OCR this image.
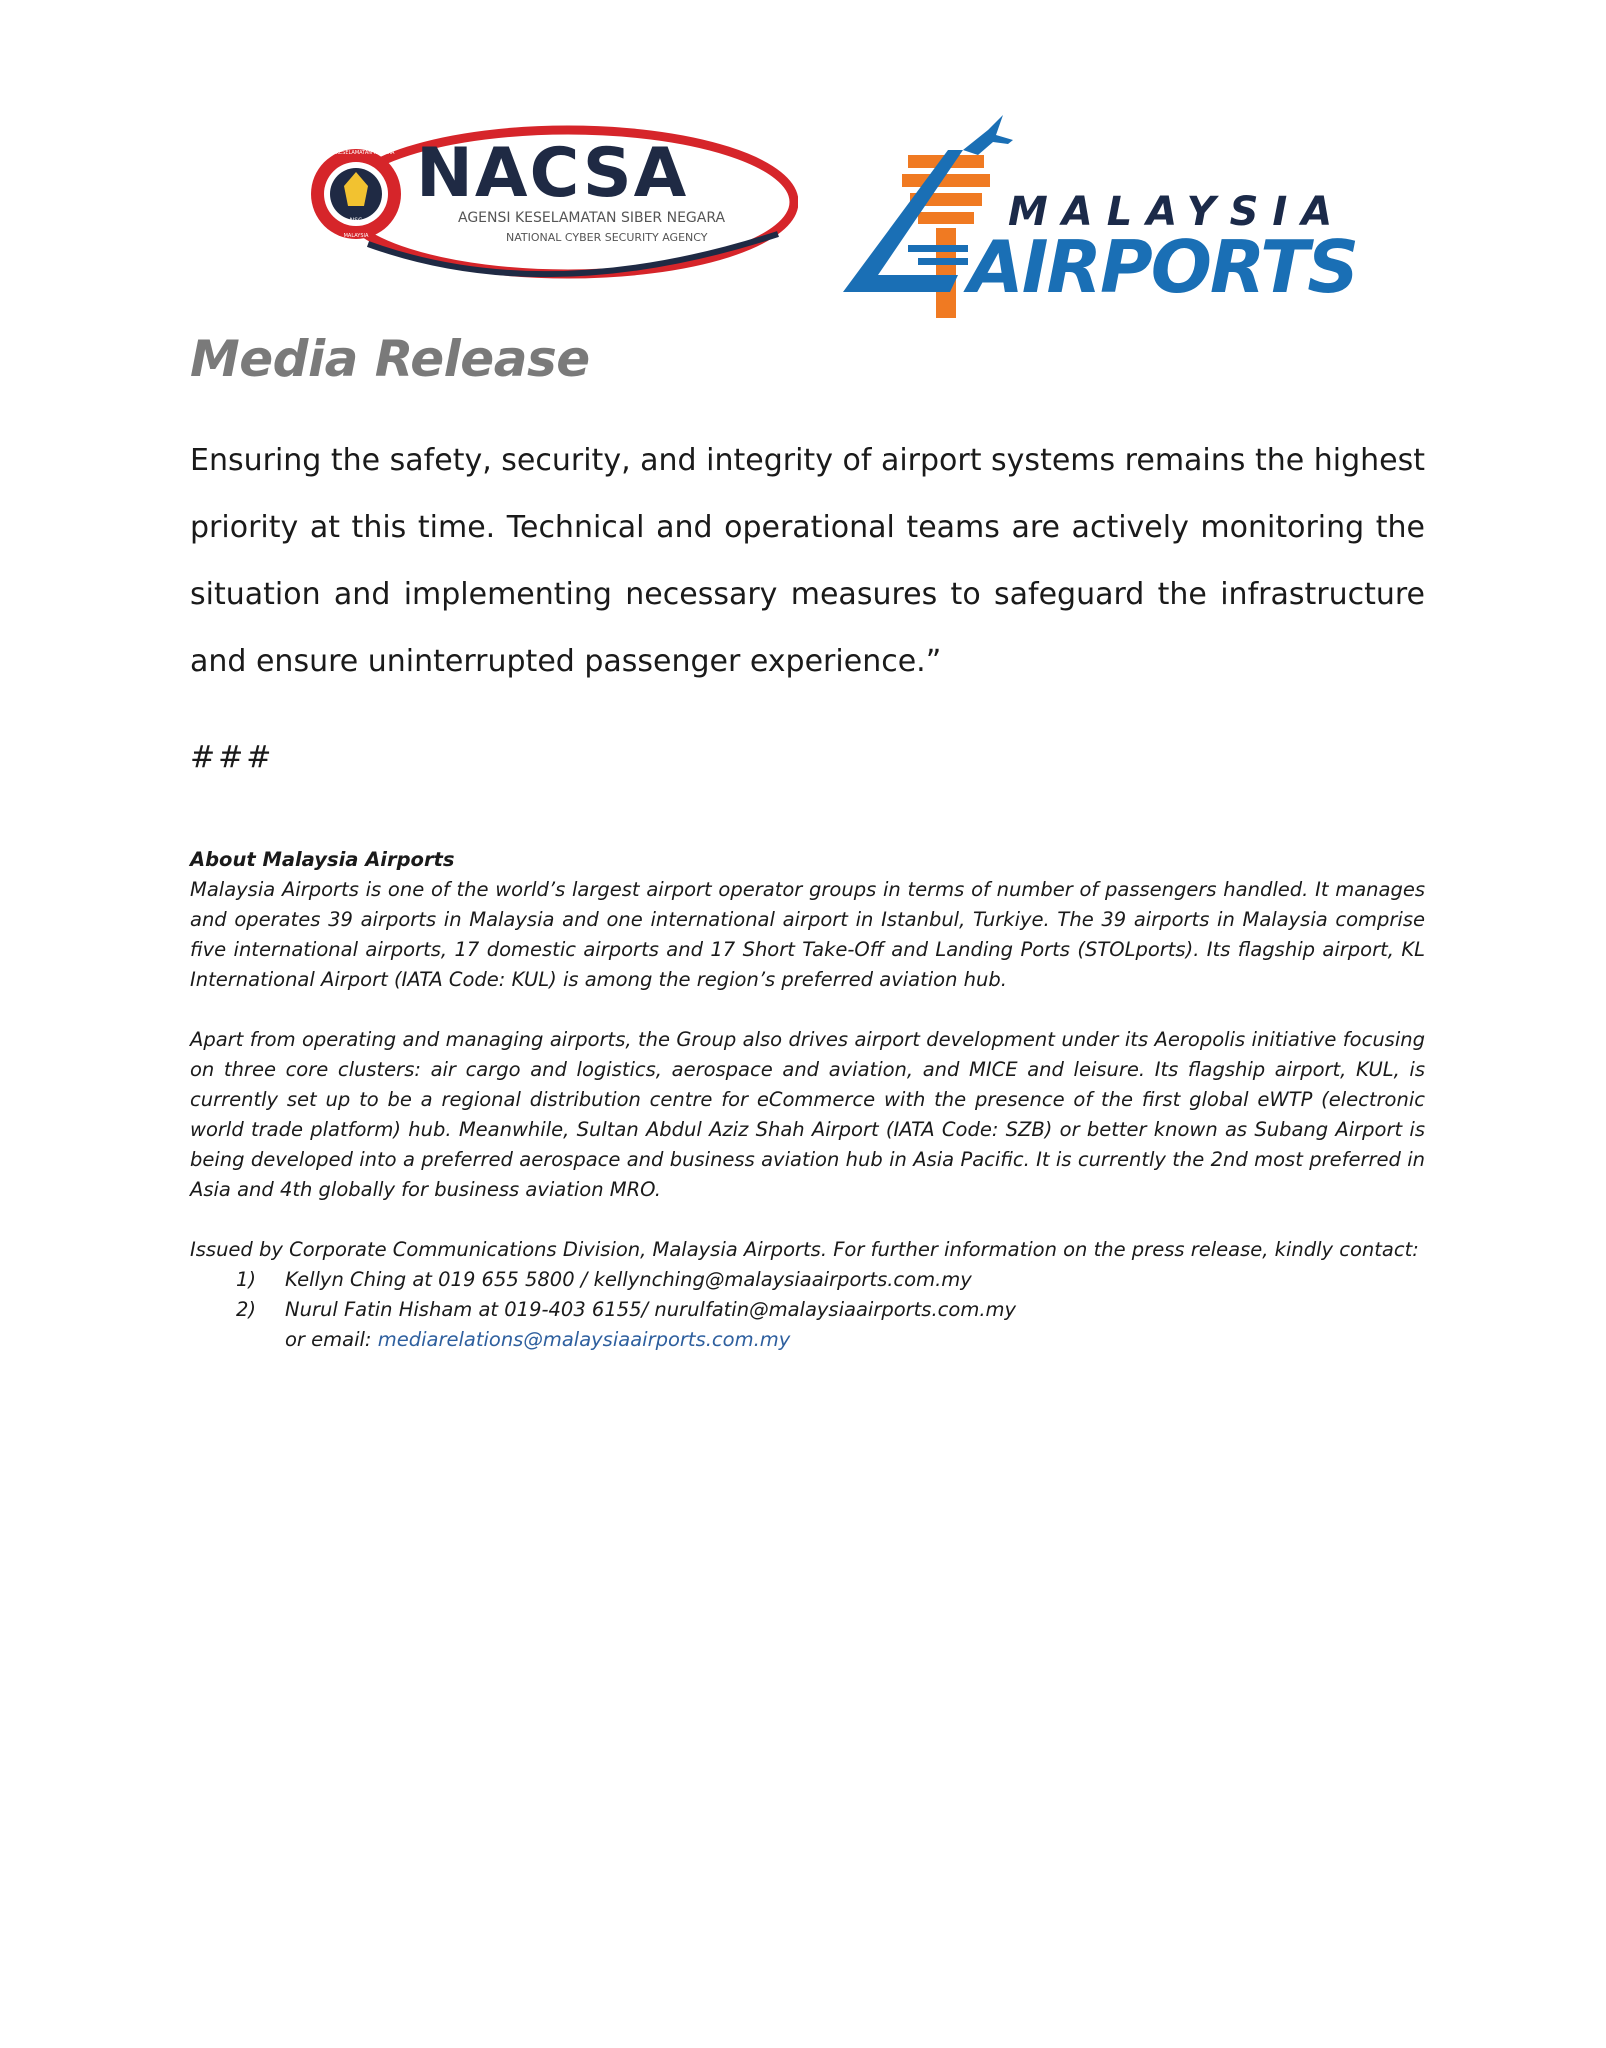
NSC
MAJLIS KESELAMATAN NEGARA
MALAYSIA
NACSA
AGENSI KESELAMATAN SIBER NEGARA
NATIONAL CYBER SECURITY AGENCY
MALAYSIA
AIRPORTS
Media Release

Ensuring the safety, security, and integrity of airport systems remains the highest priority at this time. Technical and operational teams are actively monitoring the situation and implementing necessary measures to safeguard the infrastructure and ensure uninterrupted passenger experience.”

###

About Malaysia Airports

Malaysia Airports is one of the world’s largest airport operator groups in terms of number of passengers handled. It manages and operates 39 airports in Malaysia and one international airport in Istanbul, Turkiye. The 39 airports in Malaysia comprise five international airports, 17 domestic airports and 17 Short Take-Off and Landing Ports (STOLports). Its flagship airport, KL International Airport (IATA Code: KUL) is among the region’s preferred aviation hub.

Apart from operating and managing airports, the Group also drives airport development under its Aeropolis initiative focusing on three core clusters: air cargo and logistics, aerospace and aviation, and MICE and leisure. Its flagship airport, KUL, is currently set up to be a regional distribution centre for eCommerce with the presence of the first global eWTP (electronic world trade platform) hub. Meanwhile, Sultan Abdul Aziz Shah Airport (IATA Code: SZB) or better known as Subang Airport is being developed into a preferred aerospace and business aviation hub in Asia Pacific. It is currently the 2nd most preferred in Asia and 4th globally for business aviation MRO.

Issued by Corporate Communications Division, Malaysia Airports. For further information on the press release, kindly contact:

1) Kellyn Ching at 019 655 5800 / kellynching@malaysiaairports.com.my
2) Nurul Fatin Hisham at 019-403 6155/ nurulfatin@malaysiaairports.com.my
or email: mediarelations@malaysiaairports.com.my
